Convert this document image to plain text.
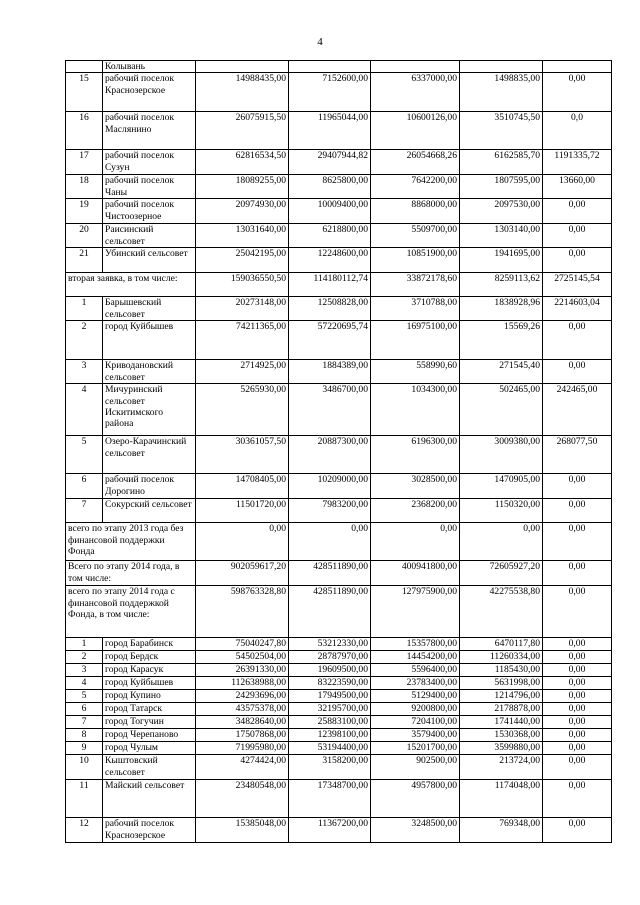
4
	Колывань					
15	рабочий поселок Краснозерское	14988435,00	7152600,00	6337000,00	1498835,00	0,00
16	рабочий поселок Маслянино	26075915,50	11965044,00	10600126,00	3510745,50	0,0
17	рабочий поселок Сузун	62816534,50	29407944,82	26054668,26	6162585,70	1191335,72
18	рабочий поселок Чаны	18089255,00	8625800,00	7642200,00	1807595,00	13660,00
19	рабочий поселок Чистоозерное	20974930,00	10009400,00	8868000,00	2097530,00	0,00
20	Раисинский сельсовет	13031640,00	6218800,00	5509700,00	1303140,00	0,00
21	Убинский сельсовет	25042195,00	12248600,00	10851900,00	1941695,00	0,00
вторая заявка, в том числе:		159036550,50	114180112,74	33872178,60	8259113,62	2725145,54
1	Барышевский сельсовет	20273148,00	12508828,00	3710788,00	1838928,96	2214603,04
2	город Куйбышев	74211365,00	57220695,74	16975100,00	15569,26	0,00
3	Криводановский сельсовет	2714925,00	1884389,00	558990,60	271545,40	0,00
4	Мичуринский сельсовет Искитимского района	5265930,00	3486700,00	1034300,00	502465,00	242465,00
5	Озеро-Карачинский сельсовет	30361057,50	20887300,00	6196300,00	3009380,00	268077,50
6	рабочий поселок Дорогино	14708405,00	10209000,00	3028500,00	1470905,00	0,00
7	Сокурский сельсовет	11501720,00	7983200,00	2368200,00	1150320,00	0,00
всего по этапу 2013 года без финансовой поддержки Фонда		0,00	0,00	0,00	0,00	0,00
Всего по этапу 2014 года, в том числе:		902059617,20	428511890,00	400941800,00	72605927,20	0,00
всего по этапу 2014 года с финансовой поддержкой Фонда, в том числе:		598763328,80	428511890,00	127975900,00	42275538,80	0,00
1	город Барабинск	75040247,80	53212330,00	15357800,00	6470117,80	0,00
2	город Бердск	54502504,00	28787970,00	14454200,00	11260334,00	0,00
3	город Карасук	26391330,00	19609500,00	5596400,00	1185430,00	0,00
4	город Куйбышев	112638988,00	83223590,00	23783400,00	5631998,00	0,00
5	город Купино	24293696,00	17949500,00	5129400,00	1214796,00	0,00
6	город Татарск	43575378,00	32195700,00	9200800,00	2178878,00	0,00
7	город Тогучин	34828640,00	25883100,00	7204100,00	1741440,00	0,00
8	город Черепаново	17507868,00	12398100,00	3579400,00	1530368,00	0,00
9	город Чулым	71995980,00	53194400,00	15201700,00	3599880,00	0,00
10	Кыштовский сельсовет	4274424,00	3158200,00	902500,00	213724,00	0,00
11	Майский сельсовет	23480548,00	17348700,00	4957800,00	1174048,00	0,00
12	рабочий поселок Краснозерское	15385048,00	11367200,00	3248500,00	769348,00	0,00
